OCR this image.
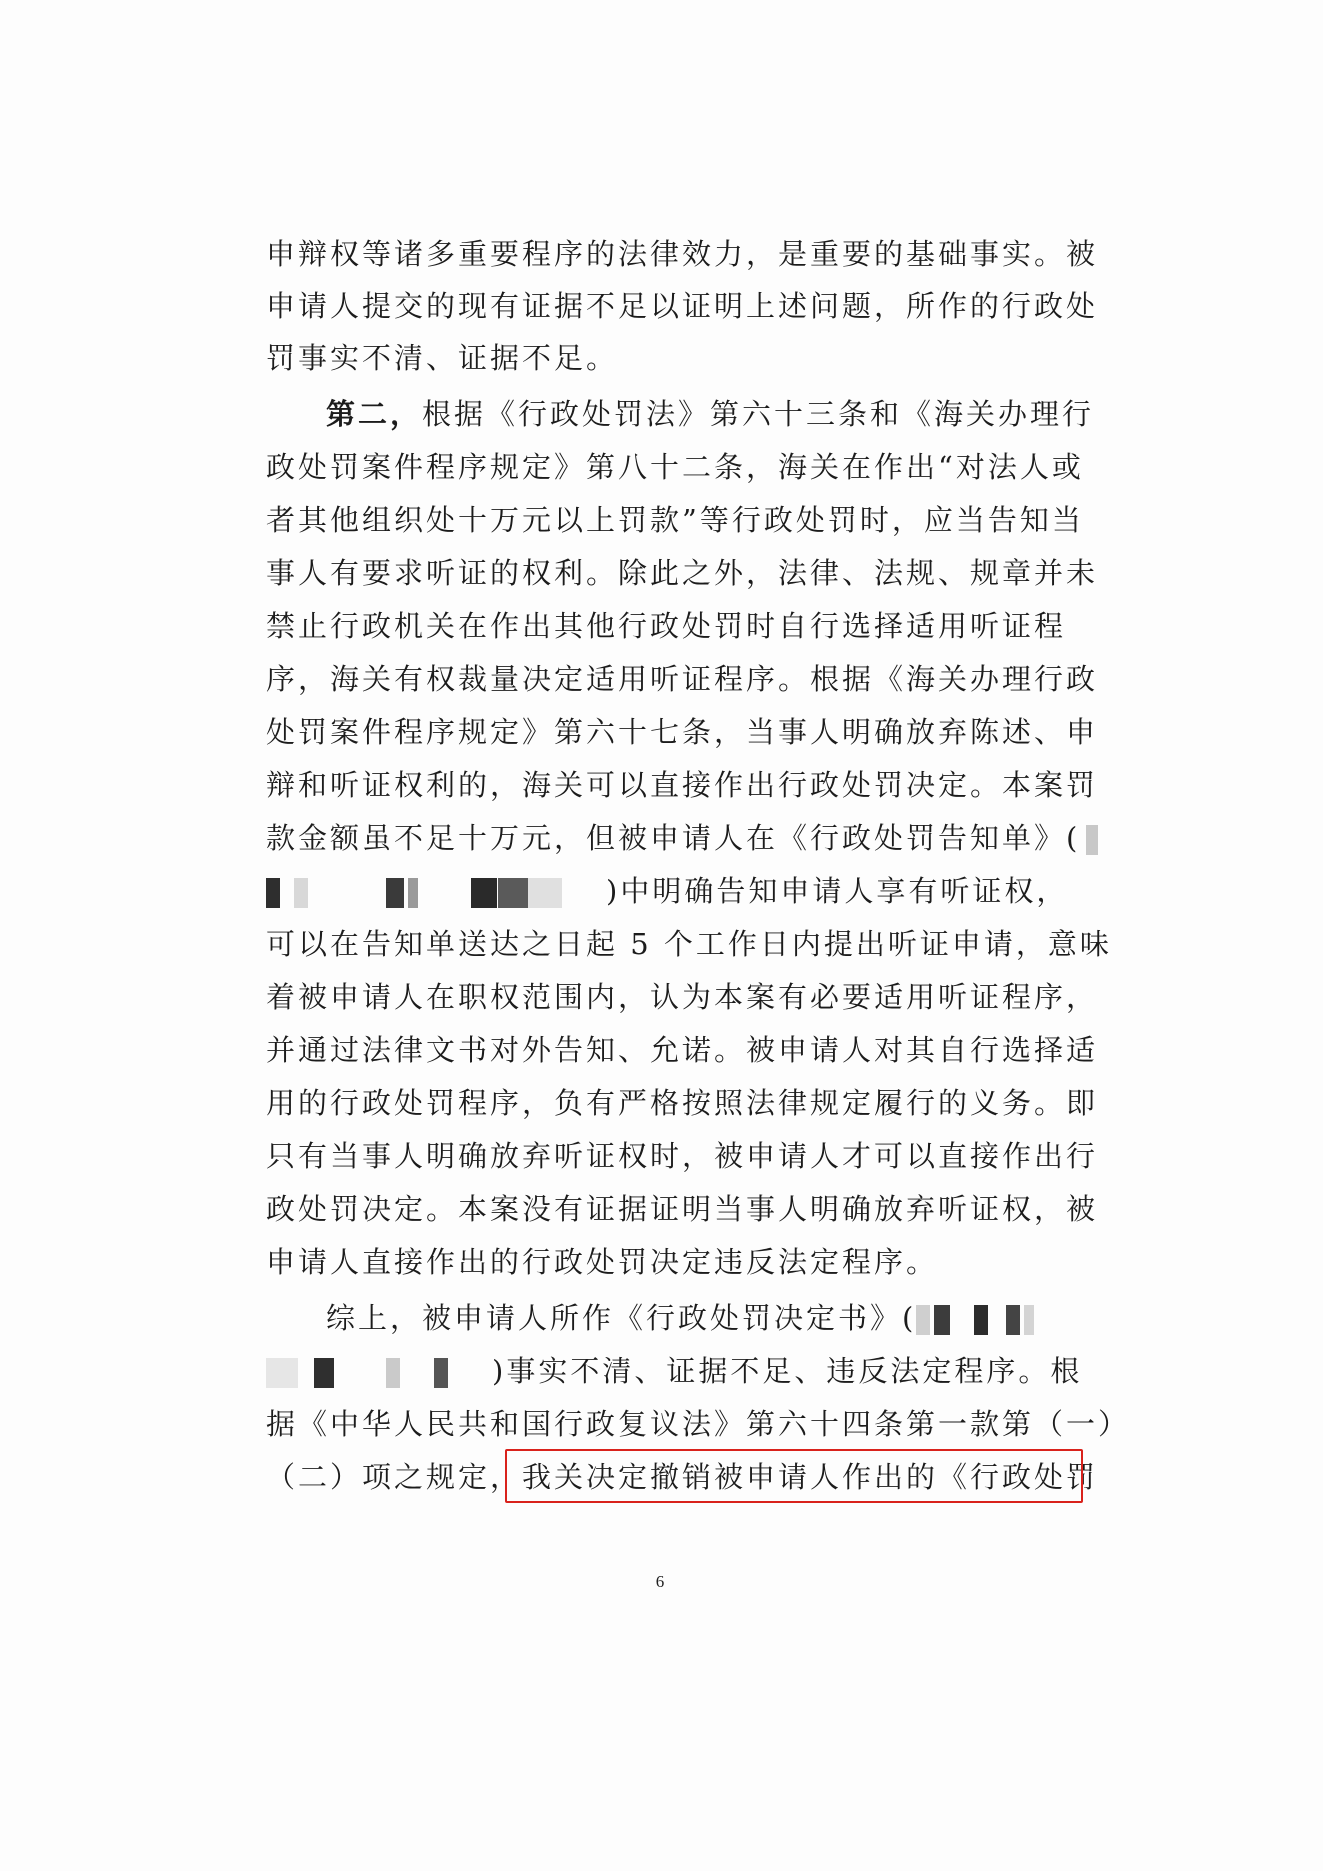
申辩权等诸多重要程序的法律效力，是重要的基础事实。被
申请人提交的现有证据不足以证明上述问题，所作的行政处
罚事实不清、证据不足。
第二，根据《行政处罚法》第六十三条和《海关办理行
政处罚案件程序规定》第八十二条，海关在作出“对法人或
者其他组织处十万元以上罚款”等行政处罚时，应当告知当
事人有要求听证的权利。除此之外，法律、法规、规章并未
禁止行政机关在作出其他行政处罚时自行选择适用听证程
序，海关有权裁量决定适用听证程序。根据《海关办理行政
处罚案件程序规定》第六十七条，当事人明确放弃陈述、申
辩和听证权利的，海关可以直接作出行政处罚决定。本案罚
款金额虽不足十万元，但被申请人在《行政处罚告知单》(
)中明确告知申请人享有听证权，
可以在告知单送达之日起 5 个工作日内提出听证申请，意味
着被申请人在职权范围内，认为本案有必要适用听证程序，
并通过法律文书对外告知、允诺。被申请人对其自行选择适
用的行政处罚程序，负有严格按照法律规定履行的义务。即
只有当事人明确放弃听证权时，被申请人才可以直接作出行
政处罚决定。本案没有证据证明当事人明确放弃听证权，被
申请人直接作出的行政处罚决定违反法定程序。
综上，被申请人所作《行政处罚决定书》(
)事实不清、证据不足、违反法定程序。根
据《中华人民共和国行政复议法》第六十四条第一款第（一）
（二）项之规定，我关决定撤销被申请人作出的《行政处罚
6
